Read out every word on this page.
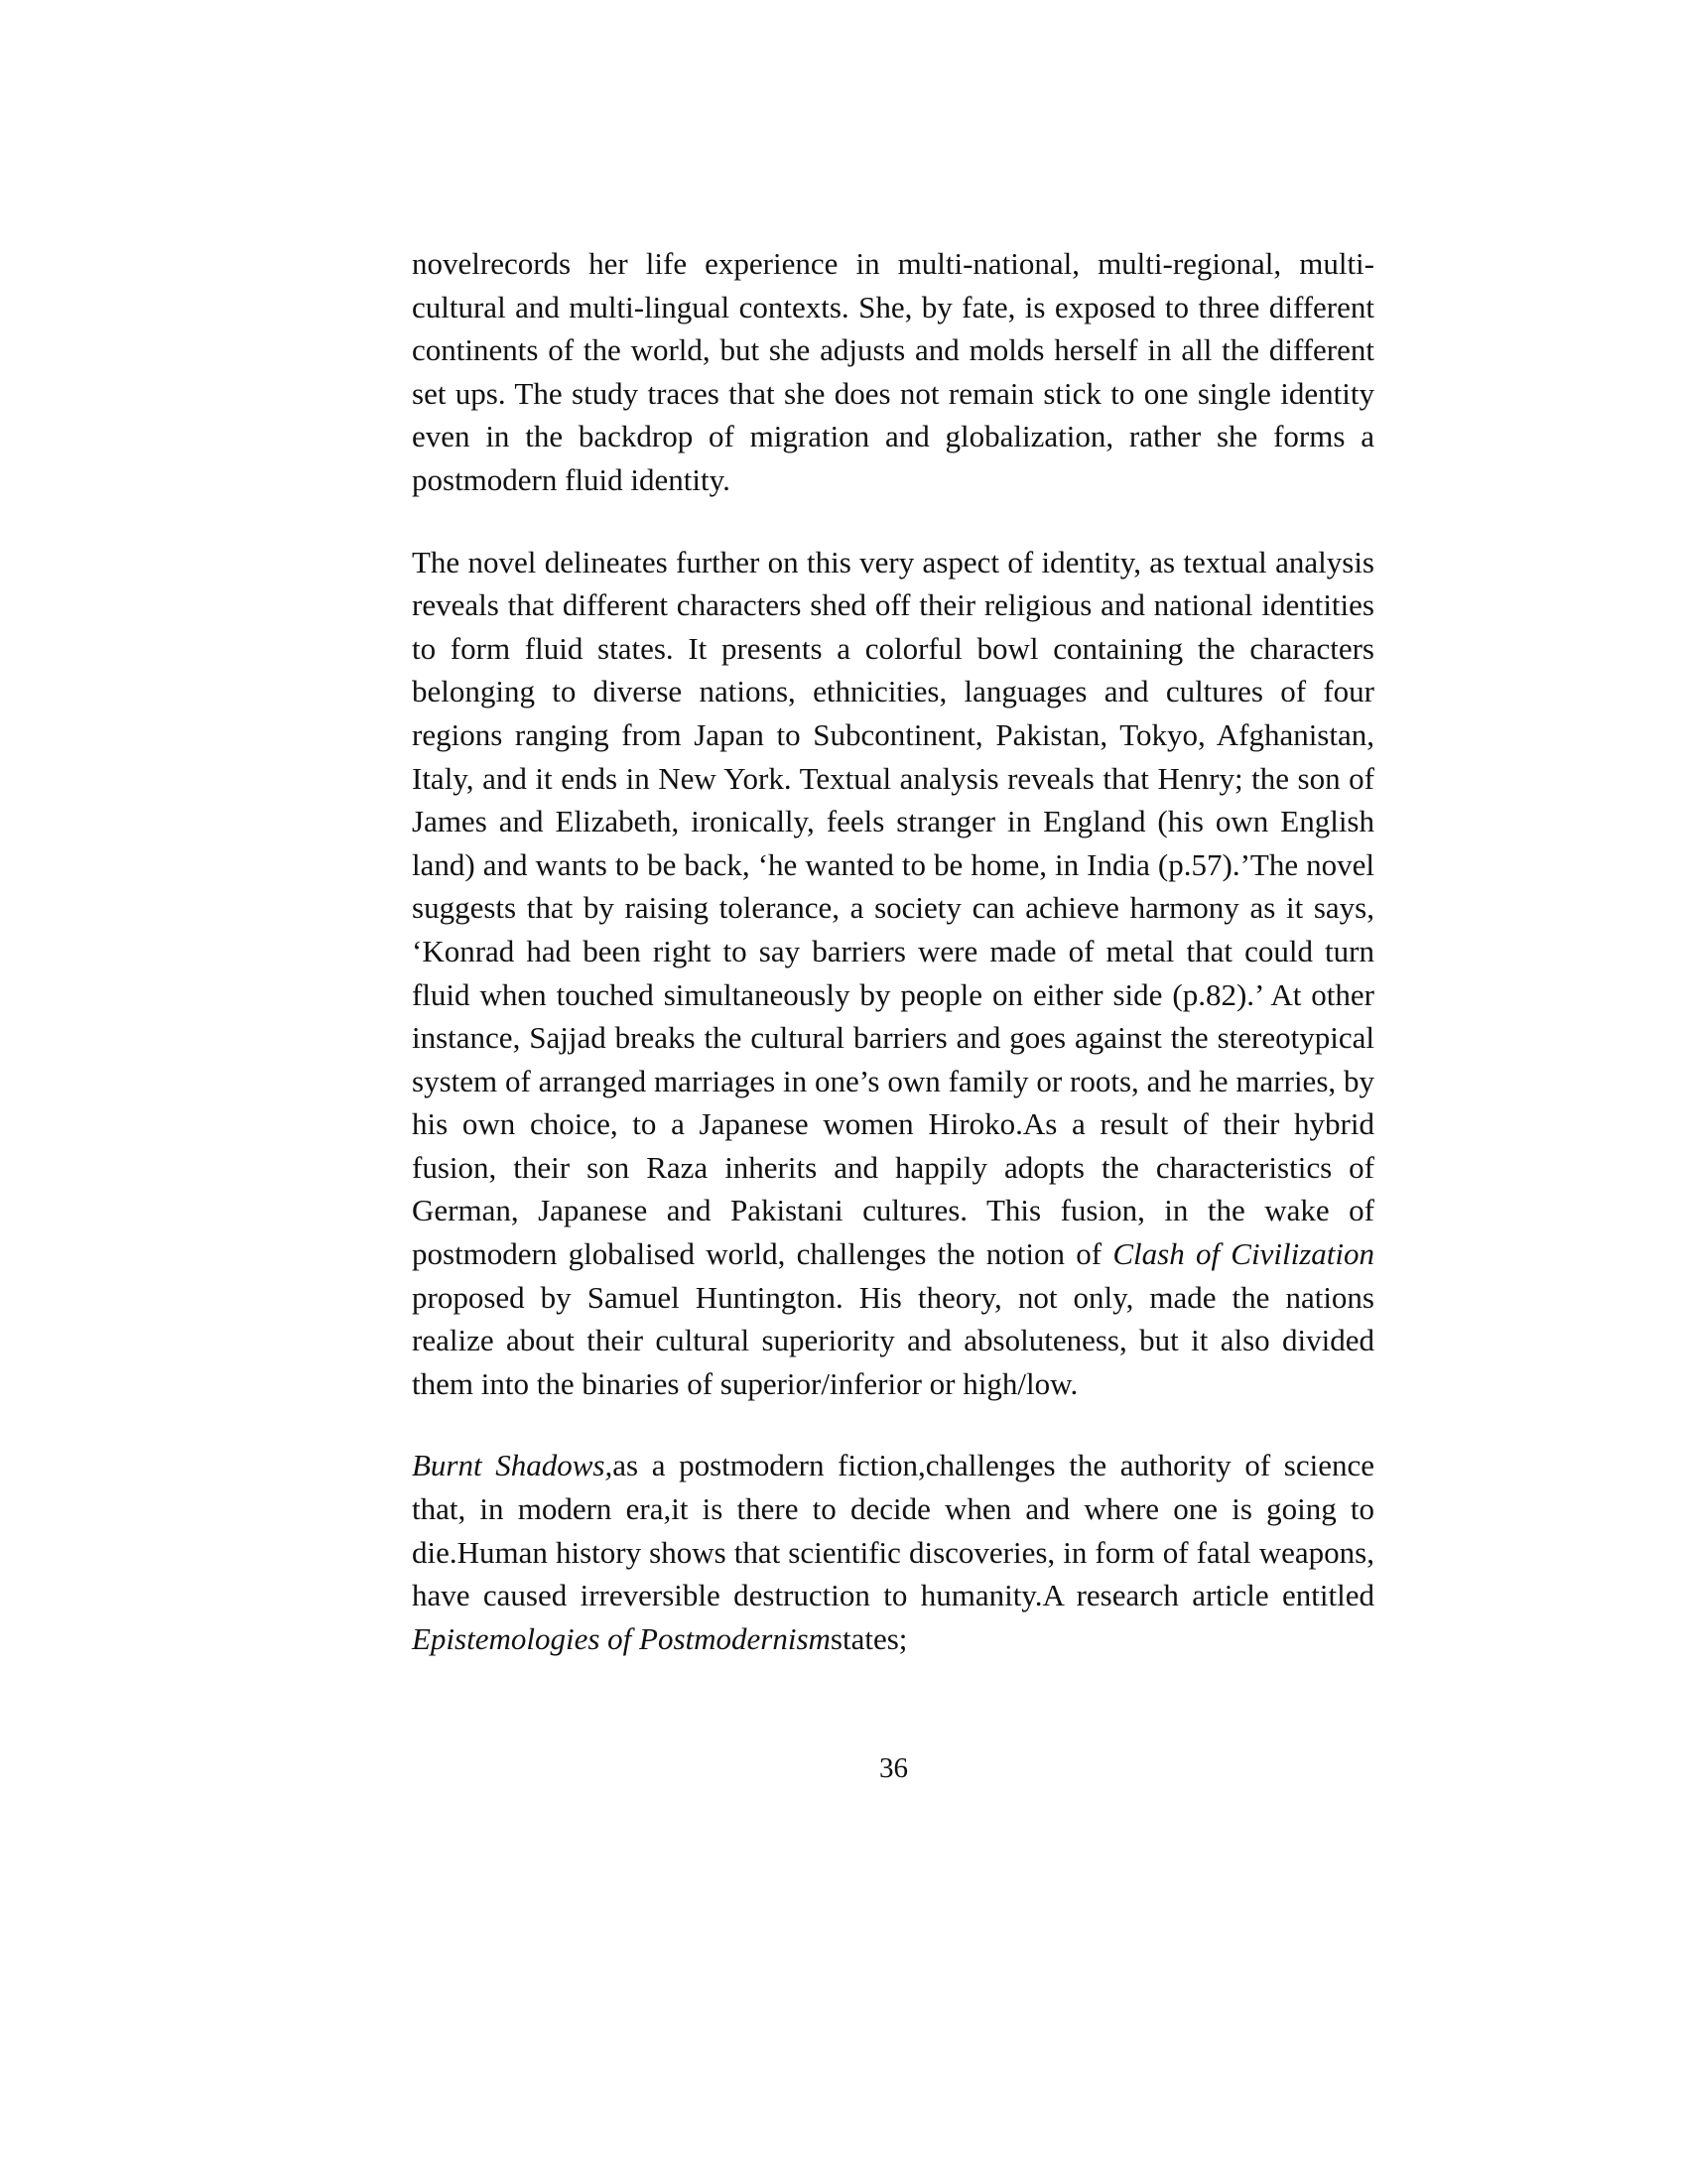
novelrecords her life experience in multi-national, multi-regional, multi-cultural and multi-lingual contexts. She, by fate, is exposed to three different continents of the world, but she adjusts and molds herself in all the different set ups. The study traces that she does not remain stick to one single identity even in the backdrop of migration and globalization, rather she forms a postmodern fluid identity.

The novel delineates further on this very aspect of identity, as textual analysis reveals that different characters shed off their religious and national identities to form fluid states. It presents a colorful bowl containing the characters belonging to diverse nations, ethnicities, languages and cultures of four regions ranging from Japan to Subcontinent, Pakistan, Tokyo, Afghanistan, Italy, and it ends in New York. Textual analysis reveals that Henry; the son of James and Elizabeth, ironically, feels stranger in England (his own English land) and wants to be back, ‘he wanted to be home, in India (p.57).’The novel suggests that by raising tolerance, a society can achieve harmony as it says, ‘Konrad had been right to say barriers were made of metal that could turn fluid when touched simultaneously by people on either side (p.82).’ At other instance, Sajjad breaks the cultural barriers and goes against the stereotypical system of arranged marriages in one’s own family or roots, and he marries, by his own choice, to a Japanese women Hiroko.As a result of their hybrid fusion, their son Raza inherits and happily adopts the characteristics of German, Japanese and Pakistani cultures. This fusion, in the wake of postmodern globalised world, challenges the notion of Clash of Civilization proposed by Samuel Huntington. His theory, not only, made the nations realize about their cultural superiority and absoluteness, but it also divided them into the binaries of superior/inferior or high/low.

Burnt Shadows,as a postmodern fiction,challenges the authority of science that, in modern era,it is there to decide when and where one is going to die.Human history shows that scientific discoveries, in form of fatal weapons, have caused irreversible destruction to humanity.A research article entitled Epistemologies of Postmodernismstates;

36
